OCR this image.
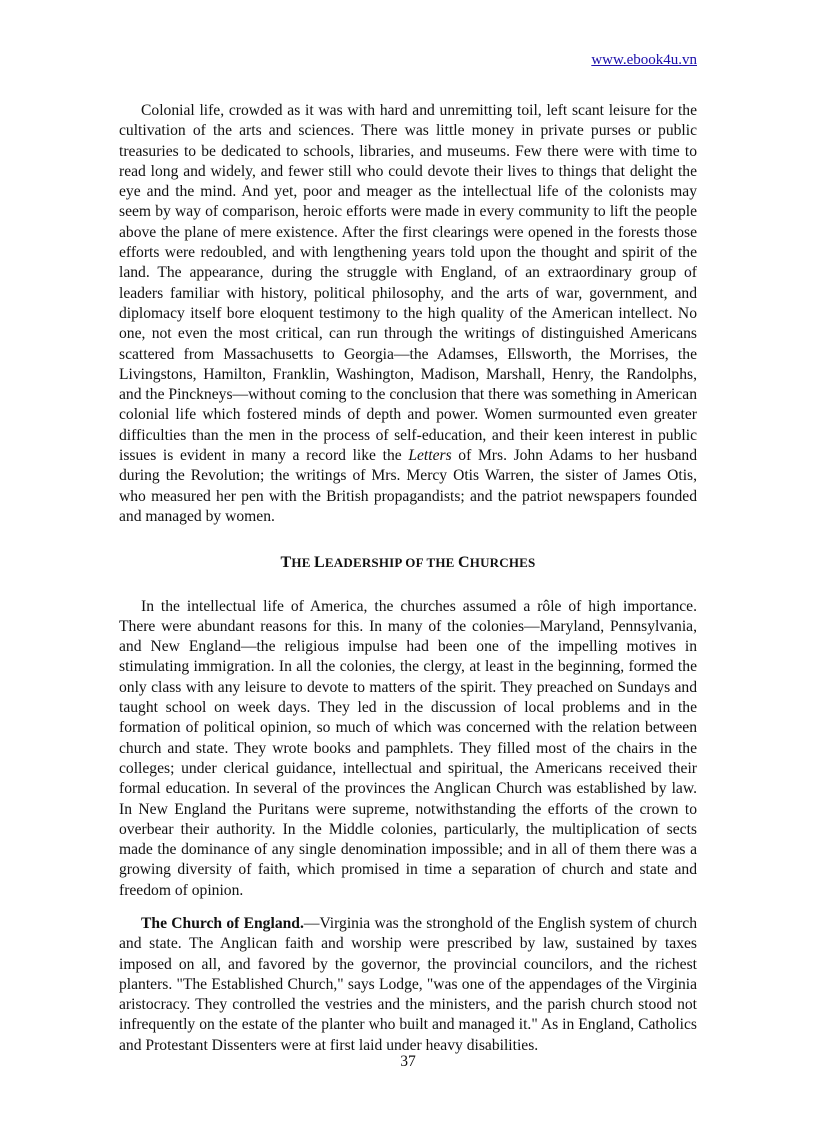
www.ebook4u.vn

Colonial life, crowded as it was with hard and unremitting toil, left scant leisure for the cultivation of the arts and sciences. There was little money in private purses or public treasuries to be dedicated to schools, libraries, and museums. Few there were with time to read long and widely, and fewer still who could devote their lives to things that delight the eye and the mind. And yet, poor and meager as the intellectual life of the colonists may seem by way of comparison, heroic efforts were made in every community to lift the people above the plane of mere existence. After the first clearings were opened in the forests those efforts were redoubled, and with lengthening years told upon the thought and spirit of the land. The appearance, during the struggle with England, of an extraordinary group of leaders familiar with history, political philosophy, and the arts of war, government, and diplomacy itself bore eloquent testimony to the high quality of the American intellect. No one, not even the most critical, can run through the writings of distinguished Americans scattered from Massachusetts to Georgia—the Adamses, Ellsworth, the Morrises, the Livingstons, Hamilton, Franklin, Washington, Madison, Marshall, Henry, the Randolphs, and the Pinckneys—without coming to the conclusion that there was something in American colonial life which fostered minds of depth and power. Women surmounted even greater difficulties than the men in the process of self-education, and their keen interest in public issues is evident in many a record like the Letters of Mrs. John Adams to her husband during the Revolution; the writings of Mrs. Mercy Otis Warren, the sister of James Otis, who measured her pen with the British propagandists; and the patriot newspapers founded and managed by women.

THE LEADERSHIP OF THE CHURCHES

In the intellectual life of America, the churches assumed a rôle of high importance. There were abundant reasons for this. In many of the colonies—Maryland, Pennsylvania, and New England—the religious impulse had been one of the impelling motives in stimulating immigration. In all the colonies, the clergy, at least in the beginning, formed the only class with any leisure to devote to matters of the spirit. They preached on Sundays and taught school on week days. They led in the discussion of local problems and in the formation of political opinion, so much of which was concerned with the relation between church and state. They wrote books and pamphlets. They filled most of the chairs in the colleges; under clerical guidance, intellectual and spiritual, the Americans received their formal education. In several of the provinces the Anglican Church was established by law. In New England the Puritans were supreme, notwithstanding the efforts of the crown to overbear their authority. In the Middle colonies, particularly, the multiplication of sects made the dominance of any single denomination impossible; and in all of them there was a growing diversity of faith, which promised in time a separation of church and state and freedom of opinion.

The Church of England.—Virginia was the stronghold of the English system of church and state. The Anglican faith and worship were prescribed by law, sustained by taxes imposed on all, and favored by the governor, the provincial councilors, and the richest planters. "The Established Church," says Lodge, "was one of the appendages of the Virginia aristocracy. They controlled the vestries and the ministers, and the parish church stood not infrequently on the estate of the planter who built and managed it." As in England, Catholics and Protestant Dissenters were at first laid under heavy disabilities.

37
